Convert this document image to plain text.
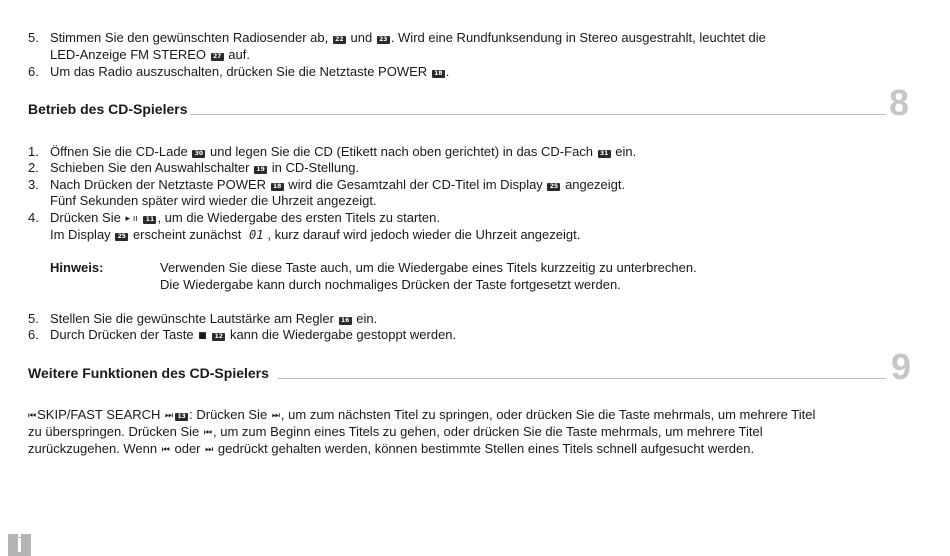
5. Stimmen Sie den gewünschten Radiosender ab, 22 und 23 . Wird eine Rundfunksendung in Stereo ausgestrahlt, leuchtet die
LED-Anzeige FM STEREO 27 auf.
6. Um das Radio auszuschalten, drücken Sie die Netztaste POWER 18 .
Betrieb des CD-Spielers	8
1. Öffnen Sie die CD-Lade 30 und legen Sie die CD (Etikett nach oben gerichtet) in das CD-Fach 31 ein.
2. Schieben Sie den Auswahlschalter 19 in CD-Stellung.
3. Nach Drücken der Netztaste POWER 18 wird die Gesamtzahl der CD-Titel im Display 25 angezeigt.
Fünf Sekunden später wird wieder die Uhrzeit angezeigt.
4. Drücken Sie ▸ ıı 11 , um die Wiedergabe des ersten Titels zu starten.
Im Display 25 erscheint zunächst 01 , kurz darauf wird jedoch wieder die Uhrzeit angezeigt.
Hinweis:	Verwenden Sie diese Taste auch, um die Wiedergabe eines Titels kurzzeitig zu unterbrechen.
Die Wiedergabe kann durch nochmaliges Drücken der Taste fortgesetzt werden.
5. Stellen Sie die gewünschte Lautstärke am Regler 16 ein.
6. Durch Drücken der Taste ■ 12 kann die Wiedergabe gestoppt werden.
Weitere Funktionen des CD-Spielers	9
⏮SKIP/FAST SEARCH ⏭ 13 : Drücken Sie ⏭, um zum nächsten Titel zu springen, oder drücken Sie die Taste mehrmals, um mehrere Titel
zu überspringen. Drücken Sie ⏮, um zum Beginn eines Titels zu gehen, oder drücken Sie die Taste mehrmals, um mehrere Titel
zurückzugehen. Wenn ⏮ oder ⏭ gedrückt gehalten werden, können bestimmte Stellen eines Titels schnell aufgesucht werden.
